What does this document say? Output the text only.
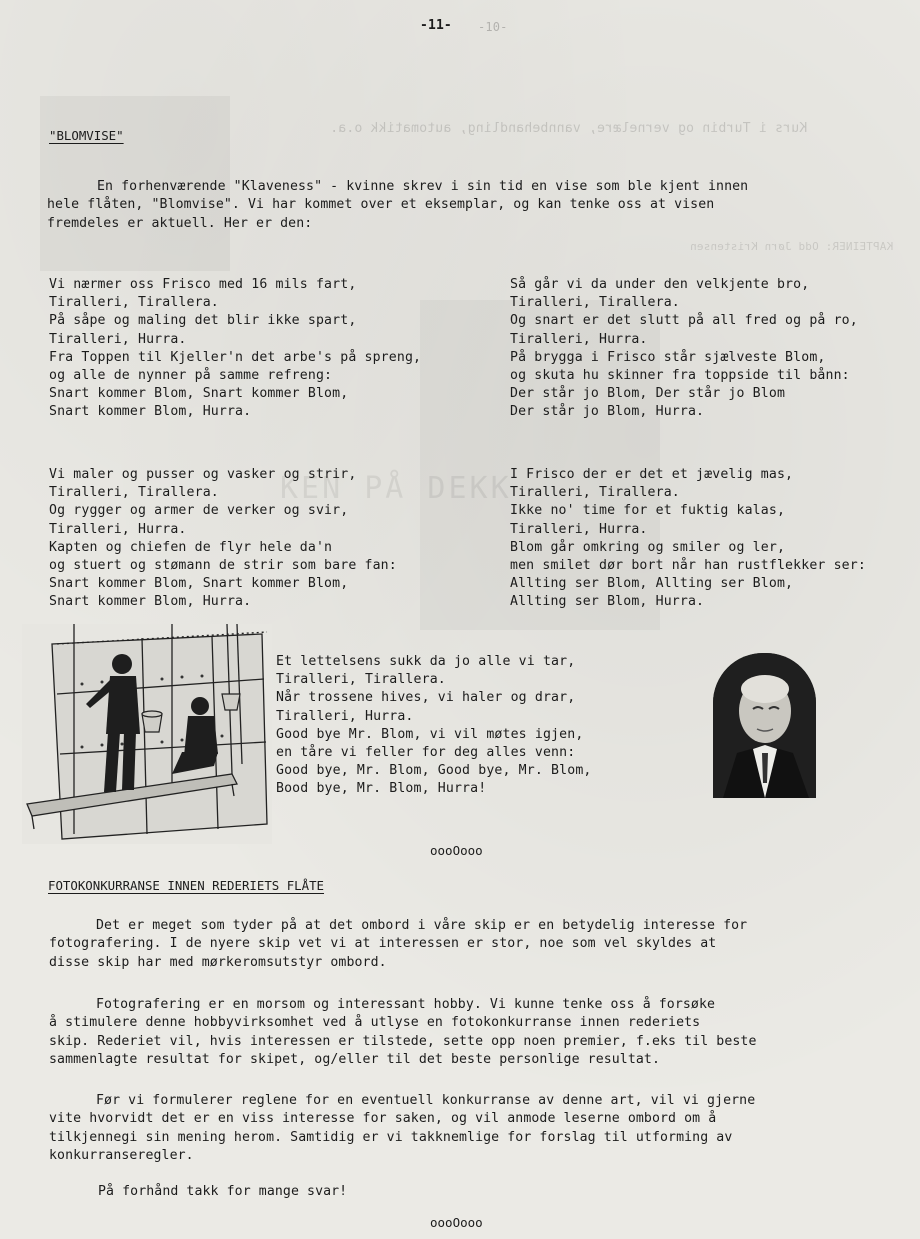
Kurs i Turbin og vernelære, vannbehandling, automatikk o.a.
KAPTEINER: Odd Jørn Kristensen
KEN PÅ DEKK
-11- -10-
"BLOMVISE"
En forhenværende "Klaveness" - kvinne skrev i sin tid en vise som ble kjent innen
hele flåten, "Blomvise". Vi har kommet over et eksemplar, og kan tenke oss at visen
fremdeles er aktuell. Her er den:
Vi nærmer oss Frisco med 16 mils fart,
Tiralleri, Tirallera.
På såpe og maling det blir ikke spart,
Tiralleri, Hurra.
Fra Toppen til Kjeller'n det arbe's på spreng,
og alle de nynner på samme refreng:
Snart kommer Blom, Snart kommer Blom,
Snart kommer Blom, Hurra.
Så går vi da under den velkjente bro,
Tiralleri, Tirallera.
Og snart er det slutt på all fred og på ro,
Tiralleri, Hurra.
På brygga i Frisco står sjælveste Blom,
og skuta hu skinner fra toppside til bånn:
Der står jo Blom, Der står jo Blom
Der står jo Blom, Hurra.
Vi maler og pusser og vasker og strir,
Tiralleri, Tirallera.
Og rygger og armer de verker og svir,
Tiralleri, Hurra.
Kapten og chiefen de flyr hele da'n
og stuert og stømann de strir som bare fan:
Snart kommer Blom, Snart kommer Blom,
Snart kommer Blom, Hurra.
I Frisco der er det et jævelig mas,
Tiralleri, Tirallera.
Ikke no' time for et fuktig kalas,
Tiralleri, Hurra.
Blom går omkring og smiler og ler,
men smilet dør bort når han rustflekker ser:
Allting ser Blom, Allting ser Blom,
Allting ser Blom, Hurra.
Et lettelsens sukk da jo alle vi tar,
Tiralleri, Tirallera.
Når trossene hives, vi haler og drar,
Tiralleri, Hurra.
Good bye Mr. Blom, vi vil møtes igjen,
en tåre vi feller for deg alles venn:
Good bye, Mr. Blom, Good bye, Mr. Blom,
Bood bye, Mr. Blom, Hurra!
oooOooo
FOTOKONKURRANSE INNEN REDERIETS FLÅTE
Det er meget som tyder på at det ombord i våre skip er en betydelig interesse for
fotografering. I de nyere skip vet vi at interessen er stor, noe som vel skyldes at
disse skip har med mørkeromsutstyr ombord.
Fotografering er en morsom og interessant hobby. Vi kunne tenke oss å forsøke
å stimulere denne hobbyvirksomhet ved å utlyse en fotokonkurranse innen rederiets
skip. Rederiet vil, hvis interessen er tilstede, sette opp noen premier, f.eks til beste
sammenlagte resultat for skipet, og/eller til det beste personlige resultat.
Før vi formulerer reglene for en eventuell konkurranse av denne art, vil vi gjerne
vite hvorvidt det er en viss interesse for saken, og vil anmode leserne ombord om å
tilkjennegi sin mening herom. Samtidig er vi takknemlige for forslag til utforming av
konkurranseregler.
På forhånd takk for mange svar!
oooOooo
